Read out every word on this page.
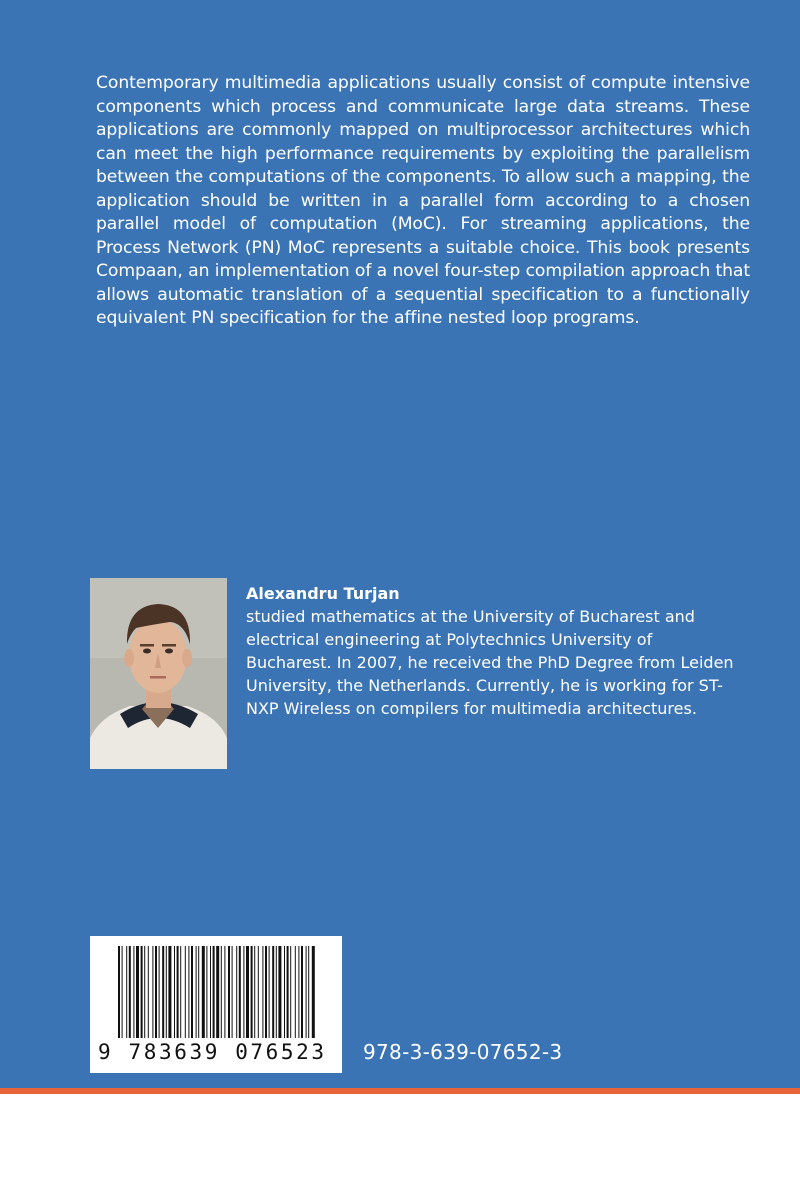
Contemporary multimedia applications usually consist of compute intensive components which process and communicate large data streams. These applications are commonly mapped on multiprocessor architectures which can meet the high performance requirements by exploiting the parallelism between the computations of the components. To allow such a mapping, the application should be written in a parallel form according to a chosen parallel model of computation (MoC). For streaming applications, the Process Network (PN) MoC represents a suitable choice. This book presents Compaan, an implementation of a novel four-step compilation approach that allows automatic translation of a sequential specification to a functionally equivalent PN specification for the affine nested loop programs.

Alexandru Turjan

studied mathematics at the University of Bucharest and electrical engineering at Polytechnics University of Bucharest. In 2007, he received the PhD Degree from Leiden University, the Netherlands. Currently, he is working for ST-NXP Wireless on compilers for multimedia architectures.

9 783639 076523	978-3-639-07652-3
